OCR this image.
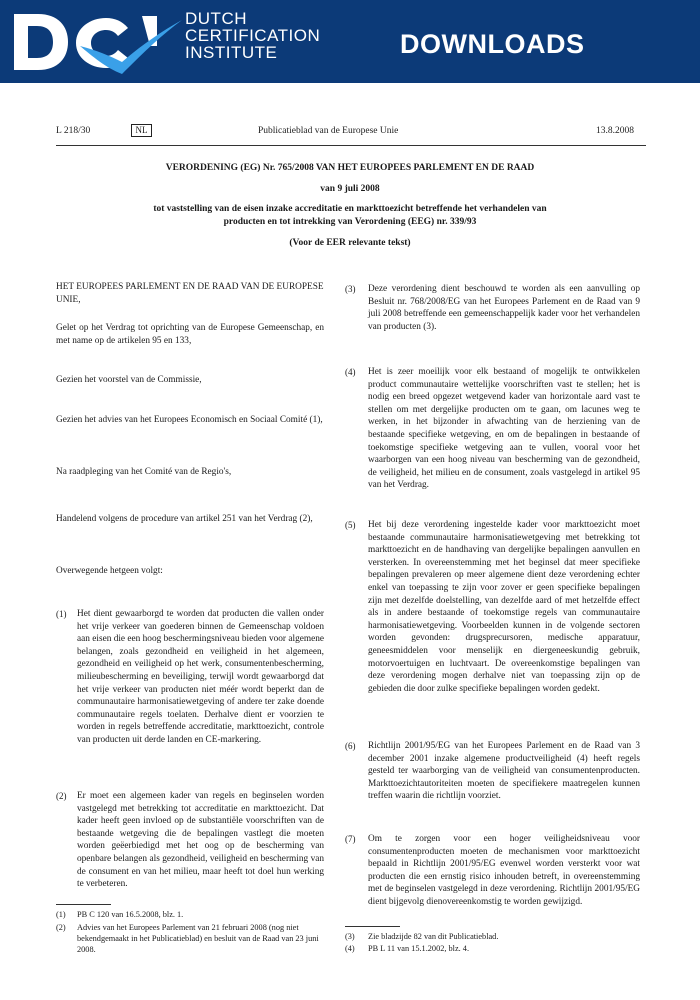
DUTCH
CERTIFICATION
INSTITUTE	DOWNLOADS
L 218/30	NL	Publicatieblad van de Europese Unie	13.8.2008
VERORDENING (EG) Nr. 765/2008 VAN HET EUROPEES PARLEMENT EN DE RAAD
van 9 juli 2008
tot vaststelling van de eisen inzake accreditatie en markttoezicht betreffende het verhandelen van
producten en tot intrekking van Verordening (EEG) nr. 339/93
(Voor de EER relevante tekst)
HET EUROPEES PARLEMENT EN DE RAAD VAN DE EUROPESE UNIE,
Gelet op het Verdrag tot oprichting van de Europese Gemeenschap, en met name op de artikelen 95 en 133,
Gezien het voorstel van de Commissie,
Gezien het advies van het Europees Economisch en Sociaal Comité (1),
Na raadpleging van het Comité van de Regio's,
Handelend volgens de procedure van artikel 251 van het Verdrag (2),
Overwegende hetgeen volgt:
(1) Het dient gewaarborgd te worden dat producten die vallen onder het vrije verkeer van goederen binnen de Gemeenschap voldoen aan eisen die een hoog beschermingsniveau bieden voor algemene belangen, zoals gezondheid en veiligheid in het algemeen, gezondheid en veiligheid op het werk, consumentenbescherming, milieubescherming en beveiliging, terwijl wordt gewaarborgd dat het vrije verkeer van producten niet méér wordt beperkt dan de communautaire harmonisatiewetgeving of andere ter zake doende communautaire regels toelaten. Derhalve dient er voorzien te worden in regels betreffende accreditatie, markttoezicht, controle van producten uit derde landen en CE-markering.
(2) Er moet een algemeen kader van regels en beginselen worden vastgelegd met betrekking tot accreditatie en markttoezicht. Dat kader heeft geen invloed op de substantiële voorschriften van de bestaande wetgeving die de bepalingen vastlegt die moeten worden geëerbiedigd met het oog op de bescherming van openbare belangen als gezondheid, veiligheid en bescherming van de consument en van het milieu, maar heeft tot doel hun werking te verbeteren.
(1) PB C 120 van 16.5.2008, blz. 1.
(2) Advies van het Europees Parlement van 21 februari 2008 (nog niet bekendgemaakt in het Publicatieblad) en besluit van de Raad van 23 juni 2008.
(3) Deze verordening dient beschouwd te worden als een aanvulling op Besluit nr. 768/2008/EG van het Europees Parlement en de Raad van 9 juli 2008 betreffende een gemeenschappelijk kader voor het verhandelen van producten (3).
(4) Het is zeer moeilijk voor elk bestaand of mogelijk te ontwikkelen product communautaire wettelijke voorschriften vast te stellen; het is nodig een breed opgezet wetgevend kader van horizontale aard vast te stellen om met dergelijke producten om te gaan, om lacunes weg te werken, in het bijzonder in afwachting van de herziening van de bestaande specifieke wetgeving, en om de bepalingen in bestaande of toekomstige specifieke wetgeving aan te vullen, vooral voor het waarborgen van een hoog niveau van bescherming van de gezondheid, de veiligheid, het milieu en de consument, zoals vastgelegd in artikel 95 van het Verdrag.
(5) Het bij deze verordening ingestelde kader voor markttoezicht moet bestaande communautaire harmonisatiewetgeving met betrekking tot markttoezicht en de handhaving van dergelijke bepalingen aanvullen en versterken. In overeenstemming met het beginsel dat meer specifieke bepalingen prevaleren op meer algemene dient deze verordening echter enkel van toepassing te zijn voor zover er geen specifieke bepalingen zijn met dezelfde doelstelling, van dezelfde aard of met hetzelfde effect als in andere bestaande of toekomstige regels van communautaire harmonisatiewetgeving. Voorbeelden kunnen in de volgende sectoren worden gevonden: drugsprecursoren, medische apparatuur, geneesmiddelen voor menselijk en diergeneeskundig gebruik, motorvoertuigen en luchtvaart. De overeenkomstige bepalingen van deze verordening mogen derhalve niet van toepassing zijn op de gebieden die door zulke specifieke bepalingen worden gedekt.
(6) Richtlijn 2001/95/EG van het Europees Parlement en de Raad van 3 december 2001 inzake algemene productveiligheid (4) heeft regels gesteld ter waarborging van de veiligheid van consumentenproducten. Markttoezichtautoriteiten moeten de specifiekere maatregelen kunnen treffen waarin die richtlijn voorziet.
(7) Om te zorgen voor een hoger veiligheidsniveau voor consumentenproducten moeten de mechanismen voor markttoezicht bepaald in Richtlijn 2001/95/EG evenwel worden versterkt voor wat producten die een ernstig risico inhouden betreft, in overeenstemming met de beginselen vastgelegd in deze verordening. Richtlijn 2001/95/EG dient bijgevolg dienovereenkomstig te worden gewijzigd.
(3) Zie bladzijde 82 van dit Publicatieblad.
(4) PB L 11 van 15.1.2002, blz. 4.
